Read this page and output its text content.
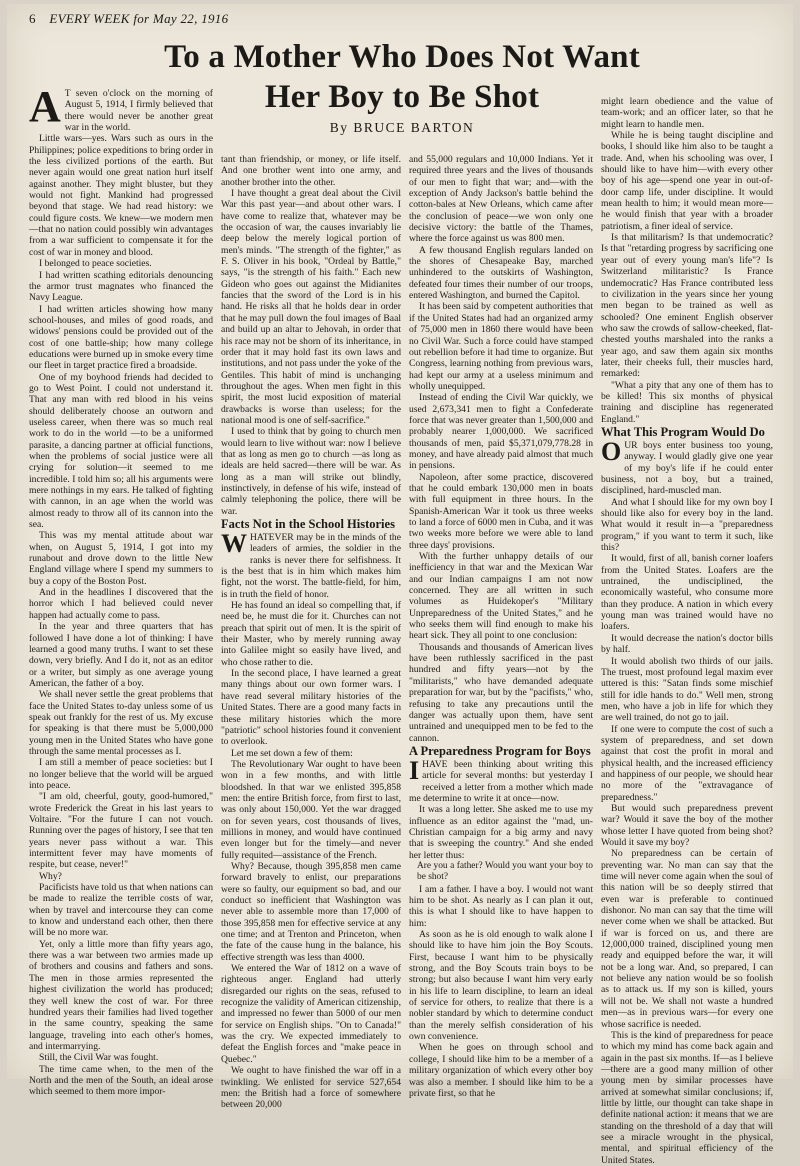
6 EVERY WEEK for May 22, 1916
To a Mother Who Does Not Want
Her Boy to Be Shot
By BRUCE BARTON

A T seven o'clock on the morning of August 5, 1914, I firmly believed that there would never be another great war in the world.

Little wars—yes. Wars such as ours in the Philippines; police expeditions to bring order in the less civilized portions of the earth. But never again would one great nation hurl itself against another. They might bluster, but they would not fight. Mankind had progressed beyond that stage. We had read history: we could figure costs. We knew—we modern men—that no nation could possibly win advantages from a war sufficient to compensate it for the cost of war in money and blood.

I belonged to peace societies.

I had written scathing editorials denouncing the armor trust magnates who financed the Navy League.

I had written articles showing how many school-houses, and miles of good roads, and widows' pensions could be provided out of the cost of one battle-ship; how many college educations were burned up in smoke every time our fleet in target practice fired a broadside.

One of my boyhood friends had decided to go to West Point. I could not understand it. That any man with red blood in his veins should deliberately choose an outworn and useless career, when there was so much real work to do in the world —to be a uniformed parasite, a dancing partner at official functions, when the problems of social justice were all crying for solution—it seemed to me incredible. I told him so; all his arguments were mere nothings in my ears. He talked of fighting with cannon, in an age when the world was almost ready to throw all of its cannon into the sea.

This was my mental attitude about war when, on August 5, 1914, I got into my runabout and drove down to the little New England village where I spend my summers to buy a copy of the Boston Post.

And in the headlines I discovered that the horror which I had believed could never happen had actually come to pass.

In the year and three quarters that has followed I have done a lot of thinking: I have learned a good many truths. I want to set these down, very briefly. And I do it, not as an editor or a writer, but simply as one average young American, the father of a boy.

We shall never settle the great problems that face the United States to-day unless some of us speak out frankly for the rest of us. My excuse for speaking is that there must be 5,000,000 young men in the United States who have gone through the same mental processes as I.

I am still a member of peace societies: but I no longer believe that the world will be argued into peace.

"I am old, cheerful, gouty, good-humored," wrote Frederick the Great in his last years to Voltaire. "For the future I can not vouch. Running over the pages of history, I see that ten years never pass without a war. This intermittent fever may have moments of respite, but cease, never!"

Why?

Pacificists have told us that when nations can be made to realize the terrible costs of war, when by travel and intercourse they can come to know and understand each other, then there will be no more war.

Yet, only a little more than fifty years ago, there was a war between two armies made up of brothers and cousins and fathers and sons. The men in those armies represented the highest civilization the world has produced; they well knew the cost of war. For three hundred years their families had lived together in the same country, speaking the same language, traveling into each other's homes, and intermarrying.

Still, the Civil War was fought.

The time came when, to the men of the North and the men of the South, an ideal arose which seemed to them more impor-

tant than friendship, or money, or life itself. And one brother went into one army, and another brother into the other.

I have thought a great deal about the Civil War this past year—and about other wars. I have come to realize that, whatever may be the occasion of war, the causes invariably lie deep below the merely logical portion of men's minds. "The strength of the fighter," as F. S. Oliver in his book, "Ordeal by Battle," says, "is the strength of his faith." Each new Gideon who goes out against the Midianites fancies that the sword of the Lord is in his hand. He risks all that he holds dear in order that he may pull down the foul images of Baal and build up an altar to Jehovah, in order that his race may not be shorn of its inheritance, in order that it may hold fast its own laws and institutions, and not pass under the yoke of the Gentiles. This habit of mind is unchanging throughout the ages. When men fight in this spirit, the most lucid exposition of material drawbacks is worse than useless; for the national mood is one of self-sacrifice."

I used to think that by going to church men would learn to live without war: now I believe that as long as men go to church —as long as ideals are held sacred—there will be war. As long as a man will strike out blindly, instinctively, in defense of his wife, instead of calmly telephoning the police, there will be war.

Facts Not in the School Histories

WHATEVER may be in the minds of the leaders of armies, the soldier in the ranks is never there for selfishness. It is the best that is in him which makes him fight, not the worst. The battle-field, for him, is in truth the field of honor.

He has found an ideal so compelling that, if need be, he must die for it. Churches can not preach that spirit out of men. It is the spirit of their Master, who by merely running away into Galilee might so easily have lived, and who chose rather to die.

In the second place, I have learned a great many things about our own former wars. I have read several military histories of the United States. There are a good many facts in these military histories which the more "patriotic" school histories found it convenient to overlook.

Let me set down a few of them:

The Revolutionary War ought to have been won in a few months, and with little bloodshed. In that war we enlisted 395,858 men: the entire British force, from first to last, was only about 150,000. Yet the war dragged on for seven years, cost thousands of lives, millions in money, and would have continued even longer but for the timely—and never fully requited—assistance of the French.

Why? Because, though 395,858 men came forward bravely to enlist, our preparations were so faulty, our equipment so bad, and our conduct so inefficient that Washington was never able to assemble more than 17,000 of those 395,858 men for effective service at any one time; and at Trenton and Princeton, when the fate of the cause hung in the balance, his effective strength was less than 4000.

We entered the War of 1812 on a wave of righteous anger. England had utterly disregarded our rights on the seas, refused to recognize the validity of American citizenship, and impressed no fewer than 5000 of our men for service on English ships. "On to Canada!" was the cry. We expected immediately to defeat the English forces and "make peace in Quebec."

We ought to have finished the war off in a twinkling. We enlisted for service 527,654 men: the British had a force of somewhere between 20,000

and 55,000 regulars and 10,000 Indians. Yet it required three years and the lives of thousands of our men to fight that war; and—with the exception of Andy Jackson's battle behind the cotton-bales at New Orleans, which came after the conclusion of peace—we won only one decisive victory: the battle of the Thames, where the force against us was 800 men.

A few thousand English regulars landed on the shores of Chesapeake Bay, marched unhindered to the outskirts of Washington, defeated four times their number of our troops, entered Washington, and burned the Capitol.

It has been said by competent authorities that if the United States had had an organized army of 75,000 men in 1860 there would have been no Civil War. Such a force could have stamped out rebellion before it had time to organize. But Congress, learning nothing from previous wars, had kept our army at a useless minimum and wholly unequipped.

Instead of ending the Civil War quickly, we used 2,673,341 men to fight a Confederate force that was never greater than 1,500,000 and probably nearer 1,000,000. We sacrificed thousands of men, paid $5,371,079,778.28 in money, and have already paid almost that much in pensions.

Napoleon, after some practice, discovered that he could embark 130,000 men in boats with full equipment in three hours. In the Spanish-American War it took us three weeks to land a force of 6000 men in Cuba, and it was two weeks more before we were able to land three days' provisions.

With the further unhappy details of our inefficiency in that war and the Mexican War and our Indian campaigns I am not now concerned. They are all written in such volumes as Huidekoper's "Military Unpreparedness of the United States," and he who seeks them will find enough to make his heart sick. They all point to one conclusion:

Thousands and thousands of American lives have been ruthlessly sacrificed in the past hundred and fifty years—not by the "militarists," who have demanded adequate preparation for war, but by the "pacifists," who, refusing to take any precautions until the danger was actually upon them, have sent untrained and unequipped men to be fed to the cannon.

A Preparedness Program for Boys

IHAVE been thinking about writing this article for several months: but yesterday I received a letter from a mother which made me determine to write it at once—now.

It was a long letter. She asked me to use my influence as an editor against the "mad, un-Christian campaign for a big army and navy that is sweeping the country." And she ended her letter thus:

Are you a father? Would you want your boy to be shot?

I am a father. I have a boy. I would not want him to be shot. As nearly as I can plan it out, this is what I should like to have happen to him:

As soon as he is old enough to walk alone I should like to have him join the Boy Scouts. First, because I want him to be physically strong, and the Boy Scouts train boys to be strong; but also because I want him very early in his life to learn discipline, to learn an ideal of service for others, to realize that there is a nobler standard by which to determine conduct than the merely selfish consideration of his own convenience.

When he goes on through school and college, I should like him to be a member of a military organization of which every other boy was also a member. I should like him to be a private first, so that he

might learn obedience and the value of team-work; and an officer later, so that he might learn to handle men.

While he is being taught discipline and books, I should like him also to be taught a trade. And, when his schooling was over, I should like to have him—with every other boy of his age—spend one year in out-of-door camp life, under discipline. It would mean health to him; it would mean more—he would finish that year with a broader patriotism, a finer ideal of service.

Is that militarism? Is that undemocratic? Is that "retarding progress by sacrificing one year out of every young man's life"? Is Switzerland militaristic? Is France undemocratic? Has France contributed less to civilization in the years since her young men began to be trained as well as schooled? One eminent English observer who saw the crowds of sallow-cheeked, flat-chested youths marshaled into the ranks a year ago, and saw them again six months later, their cheeks full, their muscles hard, remarked:

"What a pity that any one of them has to be killed! This six months of physical training and discipline has regenerated England."

What This Program Would Do

OUR boys enter business too young, anyway. I would gladly give one year of my boy's life if he could enter business, not a boy, but a trained, disciplined, hard-muscled man.

And what I should like for my own boy I should like also for every boy in the land. What would it result in—a "preparedness program," if you want to term it such, like this?

It would, first of all, banish corner loafers from the United States. Loafers are the untrained, the undisciplined, the economically wasteful, who consume more than they produce. A nation in which every young man was trained would have no loafers.

It would decrease the nation's doctor bills by half.

It would abolish two thirds of our jails. The truest, most profound legal maxim ever uttered is this: "Satan finds some mischief still for idle hands to do." Well men, strong men, who have a job in life for which they are well trained, do not go to jail.

If one were to compute the cost of such a system of preparedness, and set down against that cost the profit in moral and physical health, and the increased efficiency and happiness of our people, we should hear no more of the "extravagance of preparedness."

But would such preparedness prevent war? Would it save the boy of the mother whose letter I have quoted from being shot? Would it save my boy?

No preparedness can be certain of preventing war. No man can say that the time will never come again when the soul of this nation will be so deeply stirred that even war is preferable to continued dishonor. No man can say that the time will never come when we shall be attacked. But if war is forced on us, and there are 12,000,000 trained, disciplined young men ready and equipped before the war, it will not be a long war. And, so prepared, I can not believe any nation would be so foolish as to attack us. If my son is killed, yours will not be. We shall not waste a hundred men—as in previous wars—for every one whose sacrifice is needed.

This is the kind of preparedness for peace to which my mind has come back again and again in the past six months. If—as I believe—there are a good many million of other young men by similar processes have arrived at somewhat similar conclusions; if, little by little, our thought can take shape in definite national action: it means that we are standing on the threshold of a day that will see a miracle wrought in the physical, mental, and spiritual efficiency of the United States.
